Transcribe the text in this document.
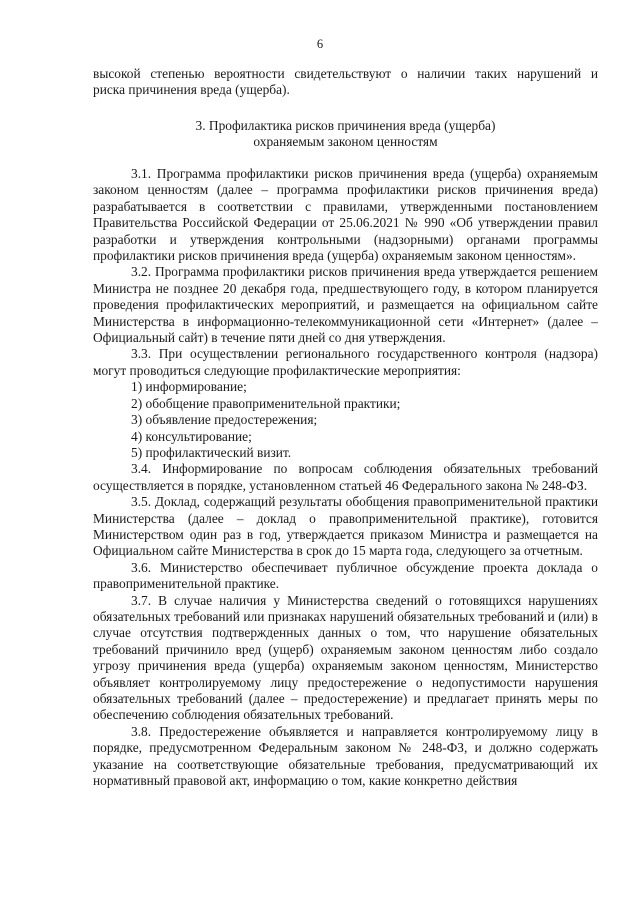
6
высокой степенью вероятности свидетельствуют о наличии таких нарушений и
риска причинения вреда (ущерба).
3. Профилактика рисков причинения вреда (ущерба)
охраняемым законом ценностям

3.1. Программа профилактики рисков причинения вреда (ущерба) охраняемым законом ценностям (далее – программа профилактики рисков причинения вреда) разрабатывается в соответствии с правилами, утвержденными постановлением Правительства Российской Федерации от 25.06.2021 № 990 «Об утверждении правил разработки и утверждения контрольными (надзорными) органами программы профилактики рисков причинения вреда (ущерба) охраняемым законом ценностям».

3.2. Программа профилактики рисков причинения вреда утверждается решением Министра не позднее 20 декабря года, предшествующего году, в котором планируется проведения профилактических мероприятий, и размещается на официальном сайте Министерства в информационно-телекоммуникационной сети «Интернет» (далее – Официальный сайт) в течение пяти дней со дня утверждения.

3.3. При осуществлении регионального государственного контроля (надзора) могут проводиться следующие профилактические мероприятия:

1) информирование;
2) обобщение правоприменительной практики;
3) объявление предостережения;
4) консультирование;
5) профилактический визит.

3.4. Информирование по вопросам соблюдения обязательных требований осуществляется в порядке, установленном статьей 46 Федерального закона № 248-ФЗ.

3.5. Доклад, содержащий результаты обобщения правоприменительной практики Министерства (далее – доклад о правоприменительной практике), готовится Министерством один раз в год, утверждается приказом Министра и размещается на Официальном сайте Министерства в срок до 15 марта года, следующего за отчетным.

3.6. Министерство обеспечивает публичное обсуждение проекта доклада о правоприменительной практике.

3.7. В случае наличия у Министерства сведений о готовящихся нарушениях обязательных требований или признаках нарушений обязательных требований и (или) в случае отсутствия подтвержденных данных о том, что нарушение обязательных требований причинило вред (ущерб) охраняемым законом ценностям либо создало угрозу причинения вреда (ущерба) охраняемым законом ценностям, Министерство объявляет контролируемому лицу предостережение о недопустимости нарушения обязательных требований (далее – предостережение) и предлагает принять меры по обеспечению соблюдения обязательных требований.

3.8. Предостережение объявляется и направляется контролируемому лицу в порядке, предусмотренном Федеральным законом № 248-ФЗ, и должно содержать указание на соответствующие обязательные требования, предусматривающий их нормативный правовой акт, информацию о том, какие конкретно действия
